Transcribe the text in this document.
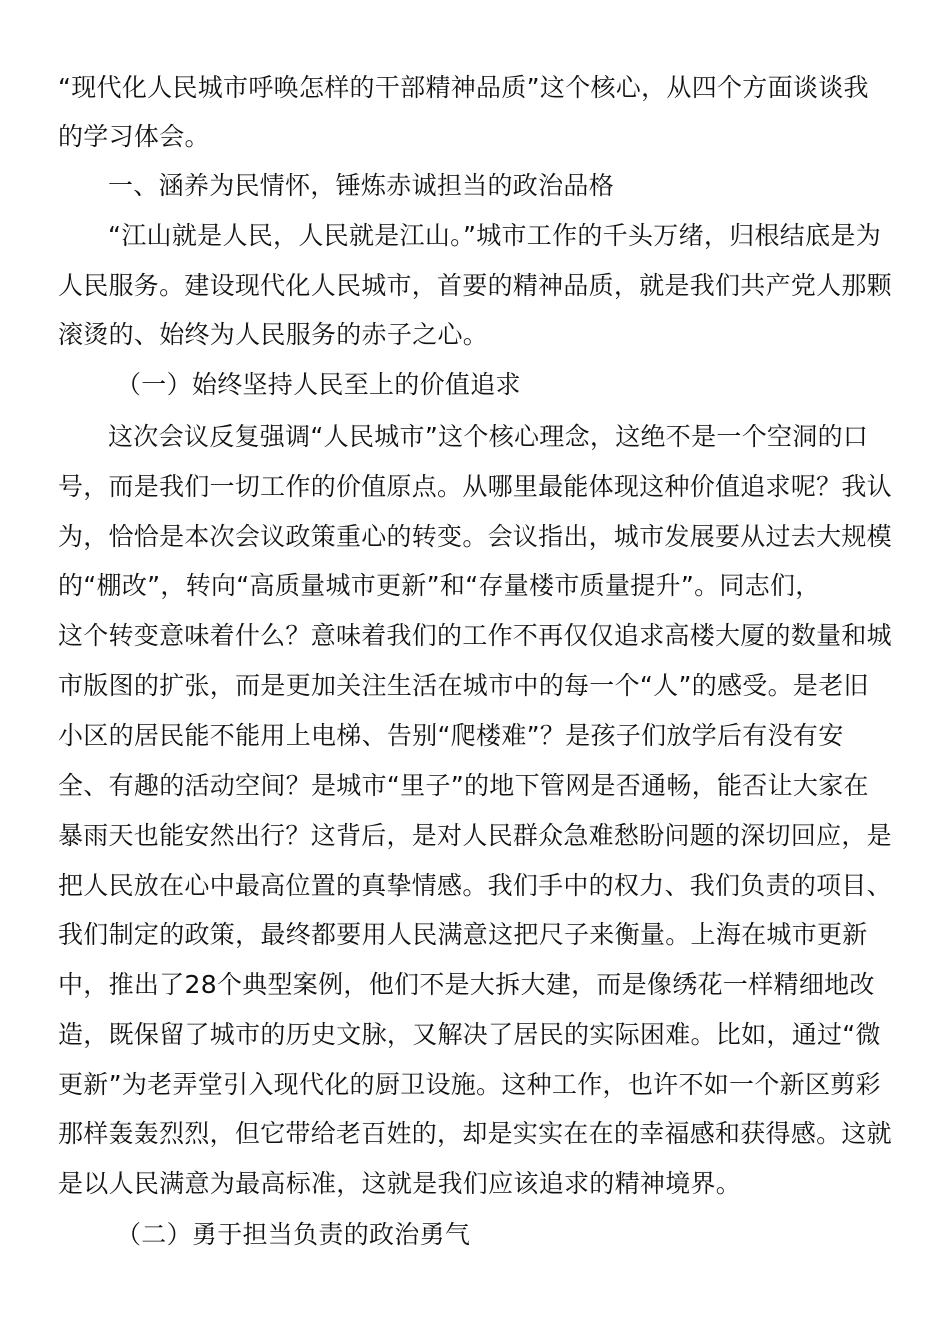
“现代化人民城市呼唤怎样的干部精神品质”这个核心，从四个方面谈谈我

的学习体会。

一、涵养为民情怀，锤炼赤诚担当的政治品格

“江山就是人民，人民就是江山。”城市工作的千头万绪，归根结底是为

人民服务。建设现代化人民城市，首要的精神品质，就是我们共产党人那颗

滚烫的、始终为人民服务的赤子之心。

（一）始终坚持人民至上的价值追求

这次会议反复强调“人民城市”这个核心理念，这绝不是一个空洞的口

号，而是我们一切工作的价值原点。从哪里最能体现这种价值追求呢？我认

为，恰恰是本次会议政策重心的转变。会议指出，城市发展要从过去大规模

的“棚改”，转向“高质量城市更新”和“存量楼市质量提升”。同志们，

这个转变意味着什么？意味着我们的工作不再仅仅追求高楼大厦的数量和城

市版图的扩张，而是更加关注生活在城市中的每一个“人”的感受。是老旧

小区的居民能不能用上电梯、告别“爬楼难”？是孩子们放学后有没有安

全、有趣的活动空间？是城市“里子”的地下管网是否通畅，能否让大家在

暴雨天也能安然出行？这背后，是对人民群众急难愁盼问题的深切回应，是

把人民放在心中最高位置的真挚情感。我们手中的权力、我们负责的项目、

我们制定的政策，最终都要用人民满意这把尺子来衡量。上海在城市更新

中，推出了28个典型案例，他们不是大拆大建，而是像绣花一样精细地改

造，既保留了城市的历史文脉，又解决了居民的实际困难。比如，通过“微

更新”为老弄堂引入现代化的厨卫设施。这种工作，也许不如一个新区剪彩

那样轰轰烈烈，但它带给老百姓的，却是实实在在的幸福感和获得感。这就

是以人民满意为最高标准，这就是我们应该追求的精神境界。

（二）勇于担当负责的政治勇气
